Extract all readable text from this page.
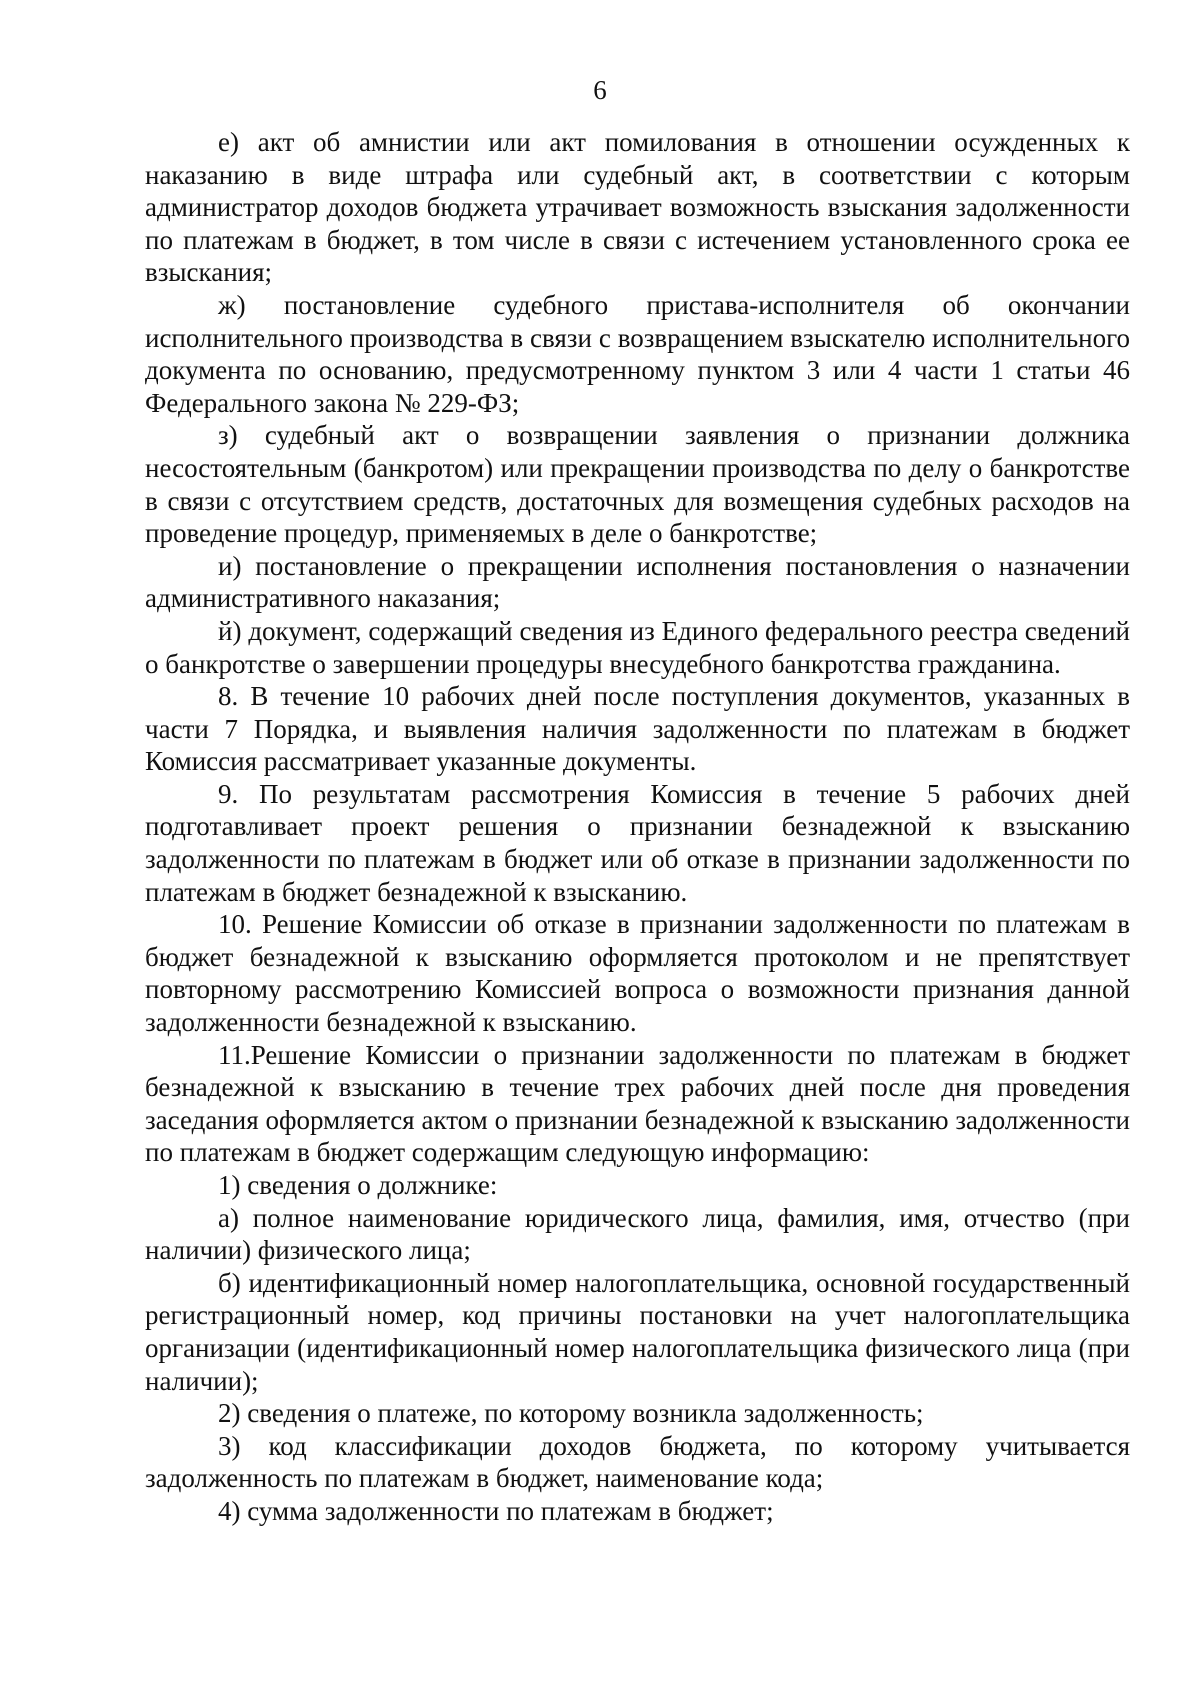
6

е) акт об амнистии или акт помилования в отношении осужденных к наказанию в виде штрафа или судебный акт, в соответствии с которым администратор доходов бюджета утрачивает возможность взыскания задолженности по платежам в бюджет, в том числе в связи с истечением установленного срока ее взыскания;

ж) постановление судебного пристава-исполнителя об окончании исполнительного производства в связи с возвращением взыскателю исполнительного документа по основанию, предусмотренному пунктом 3 или 4 части 1 статьи 46 Федерального закона № 229-ФЗ;

з) судебный акт о возвращении заявления о признании должника несостоятельным (банкротом) или прекращении производства по делу о банкротстве в связи с отсутствием средств, достаточных для возмещения судебных расходов на проведение процедур, применяемых в деле о банкротстве;

и) постановление о прекращении исполнения постановления о назначении административного наказания;

й) документ, содержащий сведения из Единого федерального реестра сведений о банкротстве о завершении процедуры внесудебного банкротства гражданина.

8. В течение 10 рабочих дней после поступления документов, указанных в части 7 Порядка, и выявления наличия задолженности по платежам в бюджет Комиссия рассматривает указанные документы.

9. По результатам рассмотрения Комиссия в течение 5 рабочих дней подготавливает проект решения о признании безнадежной к взысканию задолженности по платежам в бюджет или об отказе в признании задолженности по платежам в бюджет безнадежной к взысканию.

10. Решение Комиссии об отказе в признании задолженности по платежам в бюджет безнадежной к взысканию оформляется протоколом и не препятствует повторному рассмотрению Комиссией вопроса о возможности признания данной задолженности безнадежной к взысканию.

11.Решение Комиссии о признании задолженности по платежам в бюджет безнадежной к взысканию в течение трех рабочих дней после дня проведения заседания оформляется актом о признании безнадежной к взысканию задолженности по платежам в бюджет содержащим следующую информацию:

1) сведения о должнике:

а) полное наименование юридического лица, фамилия, имя, отчество (при наличии) физического лица;

б) идентификационный номер налогоплательщика, основной государственный регистрационный номер, код причины постановки на учет налогоплательщика организации (идентификационный номер налогоплательщика физического лица (при наличии);

2) сведения о платеже, по которому возникла задолженность;

3) код классификации доходов бюджета, по которому учитывается задолженность по платежам в бюджет, наименование кода;

4) сумма задолженности по платежам в бюджет;
